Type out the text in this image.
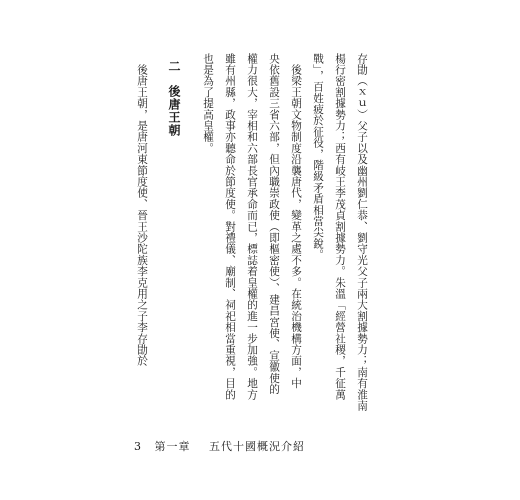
存勖（ｘｕ）父子以及幽州劉仁恭、劉守光父子兩大割據勢力；南有淮南
楊行密割據勢力；西有岐王李茂貞割據勢力。朱溫「經營社稷，千征萬
戰」，百姓疲於征役，階級矛盾相當尖銳。
　後梁王朝文物制度沿襲唐代，變革之處不多。在統治機構方面，中
央依舊設三省六部，但內職崇政使（即樞密使）、建昌宮使、宣徽使的
權力很大，宰相和六部長官承命而已，標誌着皇權的進一步加強。地方
雖有州縣，政事亦聽命於節度使。對禮儀、廟制、祠祀相當重視，目的
也是為了提高皇權。
二後唐王朝
　後唐王朝，是唐河東節度使、晉王沙陀族李克用之子李存勖於
3 第一章 五代十國概況介紹
